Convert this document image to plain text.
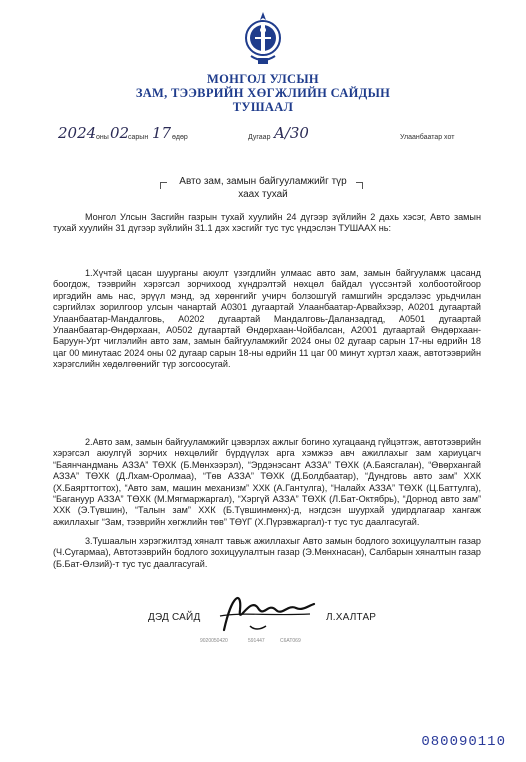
МОНГОЛ УЛСЫН
ЗАМ, ТЭЭВРИЙН ХӨГЖЛИЙН САЙДЫН
ТУШААЛ
2024 оны 02
сарын 17 өдөр	Дугаар A/30	Улаанбаатар хот
Авто зам, замын байгууламжийг түр
хаах тухай

Монгол Улсын Засгийн газрын тухай хуулийн 24 дүгээр зүйлийн 2 дахь хэсэг, Авто замын тухай хуулийн 31 дүгээр зүйлийн 31.1 дэх хэсгийг тус тус үндэслэн ТУШААХ нь:

1.Хүчтэй цасан шуурганы аюулт үзэгдлийн улмаас авто зам, замын байгууламж цасанд боогдож, тээврийн хэрэгсэл зорчихоод хүндрэлтэй нөхцөл байдал үүссэнтэй холбоотойгоор иргэдийн амь нас, эрүүл мэнд, эд хөрөнгийг учирч болзошгүй гамшгийн эрсдэлээс урьдчилан сэргийлэх зорилгоор улсын чанартай A0301 дугаартай Улаанбаатар-Арвайхээр, A0201 дугаартай Улаанбаатар-Мандалговь, A0202 дугаартай Мандалговь-Даланзадгад, A0501 дугаартай Улаанбаатар-Өндөрхаан, A0502 дугаартай Өндөрхаан-Чойбалсан, A2001 дугаартай Өндөрхаан-Баруун-Урт чиглэлийн авто зам, замын байгууламжийг 2024 оны 02 дугаар сарын 17-ны өдрийн 18 цаг 00 минутаас 2024 оны 02 дугаар сарын 18-ны өдрийн 11 цаг 00 минут хүртэл хааж, автотээврийн хэрэгслийн хөдөлгөөнийг түр зогсоосугай.

2.Авто зам, замын байгууламжийг цэвэрлэх ажлыг богино хугацаанд гүйцэтгэж, автотээврийн хэрэгсэл аюулгүй зорчих нөхцөлийг бүрдүүлэх арга хэмжээ авч ажиллахыг зам хариуцагч “Баянчандмань АЗЗА” ТӨХК (Б.Мөнхээрэл), “Эрдэнэсант АЗЗА” ТӨХК (А.Баясгалан), “Өвөрхангай АЗЗА” ТӨХК (Д.Лхам-Оролмаа), “Төв АЗЗА” ТӨХК (Д.Болдбаатар), “Дундговь авто зам” ХХК (Х.Баярттогтох), “Авто зам, машин механизм” ХХК (А.Гантулга), “Налайх АЗЗА” ТӨХК (Ц.Баттулга), “Багануур АЗЗА” ТӨХК (М.Мягмаржаргал), “Хэргүй АЗЗА” ТӨХК (Л.Бат-Октябрь), “Дорнод авто зам” ХХК (Э.Түвшин), “Талын зам” ХХК (Б.Түвшинмөнх)-д, нэгдсэн шуурхай удирдлагаар хангаж ажиллахыг “Зам, тээврийн хөгжлийн төв” ТӨҮГ (Х.Пүрэвжаргал)-т тус тус даалгасугай.

3.Тушаалын хэрэгжилтэд хяналт тавьж ажиллахыг Авто замын бодлого зохицуулалтын газар (Ч.Сугармаа), Автотээврийн бодлого зохицуулалтын газар (Э.Мөнхнасан), Салбарын хяналтын газар (Б.Бат-Өлзий)-т тус тус даалгасугай.

ДЭД САЙД	Л.ХАЛТАР
9020050420	591447	С6АТ069
080090110
